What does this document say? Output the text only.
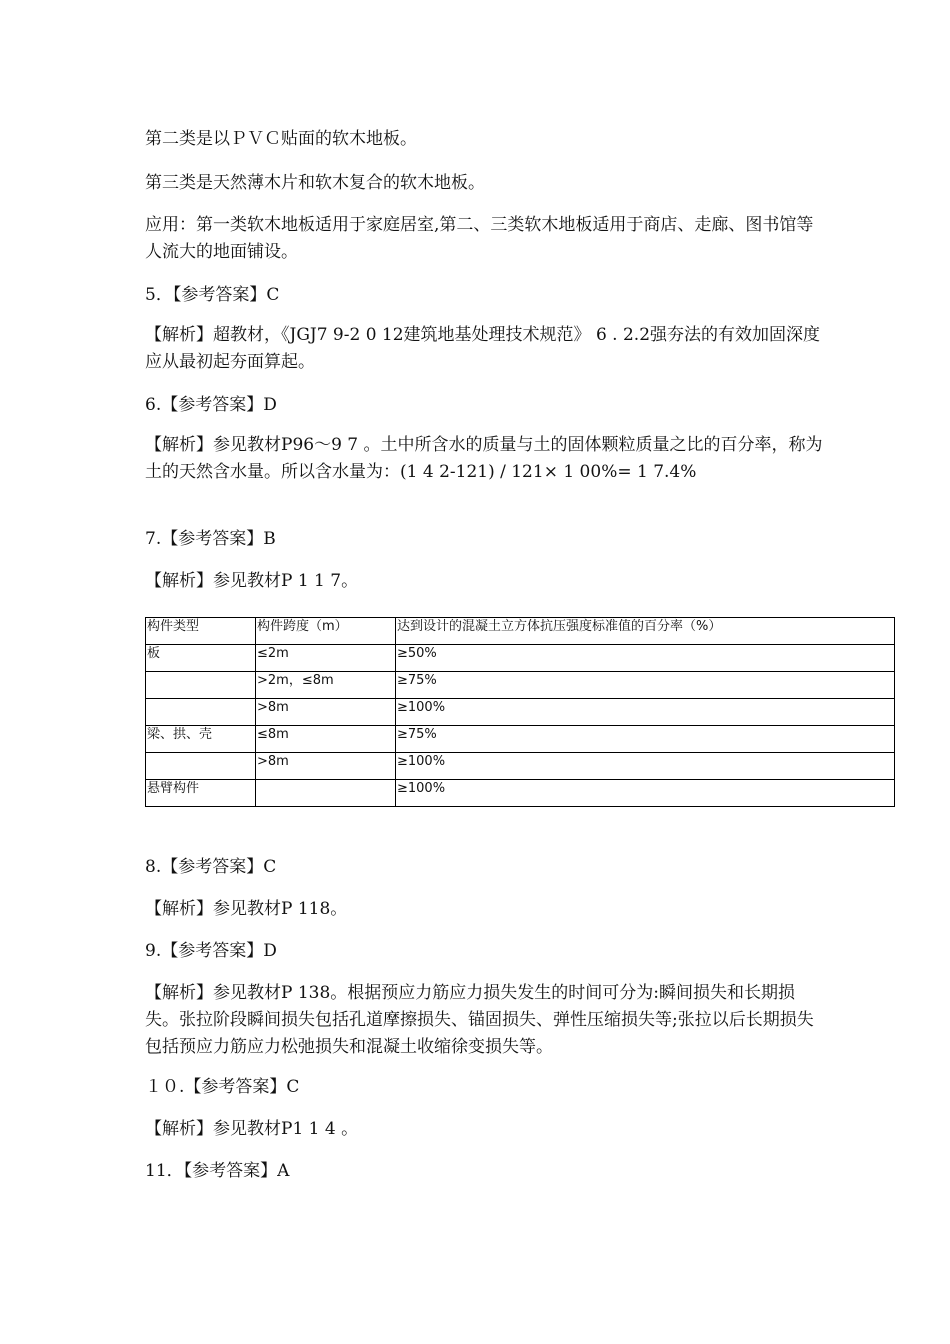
第二类是以ＰＶＣ贴面的软木地板。

第三类是天然薄木片和软木复合的软木地板。

应用：第一类软木地板适用于家庭居室,第二、三类软木地板适用于商店、走廊、图书馆等人流大的地面铺设。

5．【参考答案】C

【解析】超教材，《JGJ7 9-2 0 12建筑地基处理技术规范》 6 . 2.2强夯法的有效加固深度应从最初起夯面算起。

6.【参考答案】D

【解析】参见教材P96～9 7 。土中所含水的质量与土的固体颗粒质量之比的百分率，称为土的天然含水量。所以含水量为：(1 4 2-121) / 121× 1 00%= 1 7.4%

7.【参考答案】B

【解析】参见教材P 1 1 7。

构件类型	构件跨度（m）	达到设计的混凝土立方体抗压强度标准值的百分率（%）
板	≤2m	≥50%
	>2m，≤8m	≥75%
	>8m	≥100%
梁、拱、壳	≤8m	≥75%
	>8m	≥100%
悬臂构件		≥100%

8.【参考答案】C

【解析】参见教材P 118。

9.【参考答案】D

【解析】参见教材P 138。根据预应力筋应力损失发生的时间可分为:瞬间损失和长期损失。张拉阶段瞬间损失包括孔道摩擦损失、锚固损失、弹性压缩损失等;张拉以后长期损失包括预应力筋应力松弛损失和混凝土收缩徐变损失等。

１０.【参考答案】C

【解析】参见教材P1 1 4 。

11．【参考答案】A
